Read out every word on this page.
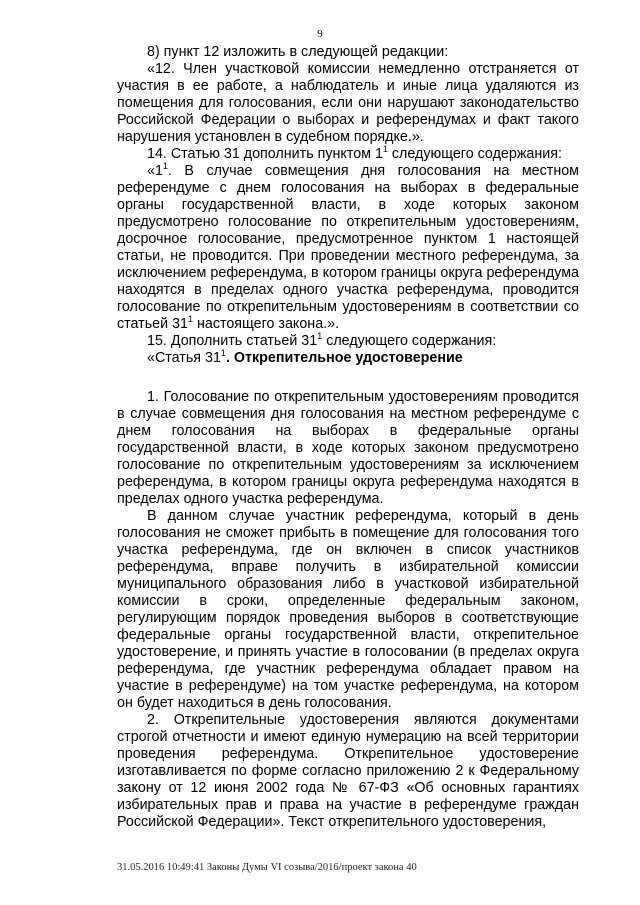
9

8) пункт 12 изложить в следующей редакции:

«12. Член участковой комиссии немедленно отстраняется от участия в ее работе, а наблюдатель и иные лица удаляются из помещения для голосования, если они нарушают законодательство Российской Федерации о выборах и референдумах и факт такого нарушения установлен в судебном порядке.».

14. Статью 31 дополнить пунктом $1^1$ следующего содержания:

«$1^1$. В случае совмещения дня голосования на местном референдуме с днем голосования на выборах в федеральные органы государственной власти, в ходе которых законом предусмотрено голосование по открепительным удостоверениям, досрочное голосование, предусмотренное пунктом 1 настоящей статьи, не проводится. При проведении местного референдума, за исключением референдума, в котором границы округа референдума находятся в пределах одного участка референдума, проводится голосование по открепительным удостоверениям в соответствии со статьей $31^1$ настоящего закона.».

15. Дополнить статьей $31^1$ следующего содержания:

«Статья $31^1$. Открепительное удостоверение

1. Голосование по открепительным удостоверениям проводится в случае совмещения дня голосования на местном референдуме с днем голосования на выборах в федеральные органы государственной власти, в ходе которых законом предусмотрено голосование по открепительным удостоверениям за исключением референдума, в котором границы округа референдума находятся в пределах одного участка референдума.

В данном случае участник референдума, который в день голосования не сможет прибыть в помещение для голосования того участка референдума, где он включен в список участников референдума, вправе получить в избирательной комиссии муниципального образования либо в участковой избирательной комиссии в сроки, определенные федеральным законом, регулирующим порядок проведения выборов в соответствующие федеральные органы государственной власти, открепительное удостоверение, и принять участие в голосовании (в пределах округа референдума, где участник референдума обладает правом на участие в референдуме) на том участке референдума, на котором он будет находиться в день голосования.

2. Открепительные удостоверения являются документами строгой отчетности и имеют единую нумерацию на всей территории проведения референдума. Открепительное удостоверение изготавливается по форме согласно приложению 2 к Федеральному закону от 12 июня 2002 года № 67-ФЗ «Об основных гарантиях избирательных прав и права на участие в референдуме граждан Российской Федерации». Текст открепительного удостоверения,

31.05.2016 10:49:41 Законы Думы VI созыва/2016/проект закона 40
